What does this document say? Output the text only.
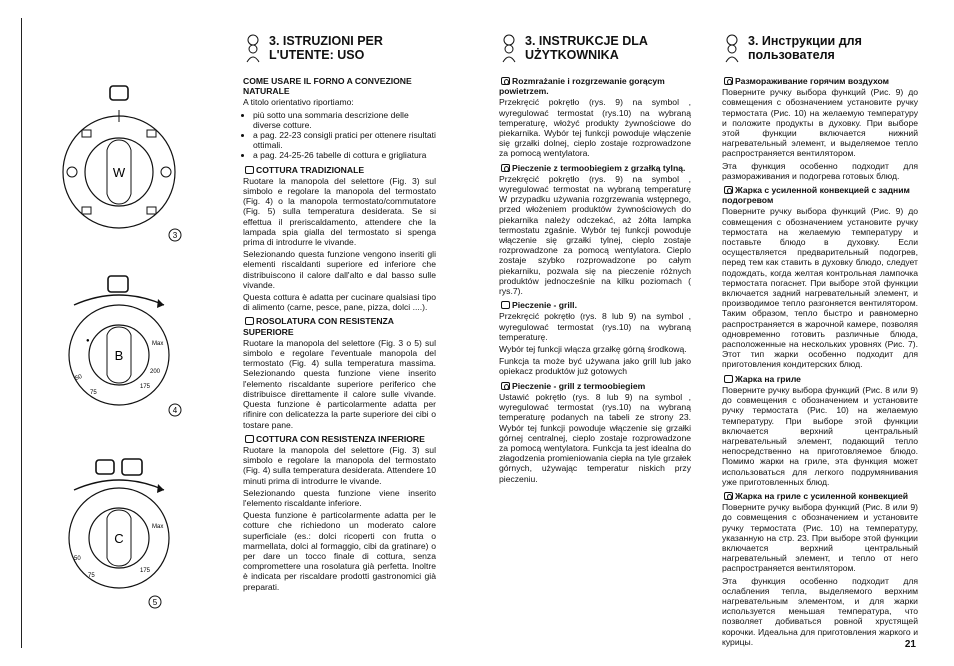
W
3
B
●
50
75
175
200
Max
4
C
50
75
175
Max
5
3. ISTRUZIONI PER
L'UTENTE: USO
COME USARE IL FORNO A CONVEZIONE NATURALE

A titolo orientativo riportiamo:

• più sotto una sommaria descrizione delle diverse cotture.
• a pag. 22-23 consigli pratici per ottenere risultati ottimali.
• a pag. 24-25-26 tabelle di cottura e grigliatura
COTTURA TRADIZIONALE

Ruotare la manopola del selettore (Fig. 3) sul simbolo e regolare la manopola del termostato (Fig. 4) o la manopola termostato/commutatore (Fig. 5) sulla temperatura desiderata. Se si effettua il preriscaldamento, attendere che la lampada spia gialla del termostato si spenga prima di introdurre le vivande.

Selezionando questa funzione vengono inseriti gli elementi riscaldanti superiore ed inferiore che distribuiscono il calore dall'alto e dal basso sulle vivande.

Questa cottura è adatta per cucinare qualsiasi tipo di alimento (carne, pesce, pane, pizza, dolci ....).

ROSOLATURA CON RESISTENZA SUPERIORE

Ruotare la manopola del selettore (Fig. 3 o 5) sul simbolo e regolare l'eventuale manopola del termostato (Fig. 4) sulla temperatura massima. Selezionando questa funzione viene inserito l'elemento riscaldante superiore periferico che distribuisce direttamente il calore sulle vivande. Questa funzione è particolarmente adatta per rifinire con delicatezza la parte superiore dei cibi o tostare pane.

COTTURA CON RESISTENZA INFERIORE

Ruotare la manopola del selettore (Fig. 3) sul simbolo e regolare la manopola del termostato (Fig. 4) sulla temperatura desiderata. Attendere 10 minuti prima di introdurre le vivande.

Selezionando questa funzione viene inserito l'elemento riscaldante inferiore.

Questa funzione è particolarmente adatta per le cotture che richiedono un moderato calore superficiale (es.: dolci ricoperti con frutta o marmellata, dolci al formaggio, cibi da gratinare) o per dare un tocco finale di cottura, senza compromettere una rosolatura già perfetta. Inoltre è indicata per riscaldare prodotti gastronomici già preparati.

3. INSTRUKCJE DLA
UŻYTKOWNIKA
Rozmrażanie i rozgrzewanie gorącym powietrzem.

Przekręcić pokrętło (rys. 9) na symbol , wyregulować termostat (rys.10) na wybraną temperaturę, włożyć produkty żywnościowe do piekarnika. Wybór tej funkcji powoduje włączenie się grzałki dolnej, cieplo zostaje rozprowadzone za pomocą wentylatora.

Pieczenie z termoobiegiem z grzałką tylną.

Przekręcić pokrętło (rys. 9) na symbol , wyregulować termostat na wybraną temperaturę W przypadku używania rozgrzewania wstępnego, przed włożeniem produktów żywnościowych do piekarnika należy odczekać, aż żółta lampka termostatu zgaśnie. Wybór tej funkcji powoduje włączenie się grzałki tylnej, cieplo zostaje rozprowadzone za pomocą wentylatora. Cieplo zostaje szybko rozprowadzone po całym piekarniku, pozwala się na pieczenie różnych produktów jednocześnie na kilku poziomach ( rys.7).

Pieczenie - grill.

Przekręcić pokrętło (rys. 8 lub 9) na symbol , wyregulować termostat (rys.10) na wybraną temperaturę.

Wybór tej funkcji włącza grzałkę górną środkową.

Funkcja ta może być używana jako grill lub jako opiekacz produktów już gotowych

Pieczenie - grill z termoobiegiem

Ustawić pokrętło (rys. 8 lub 9) na symbol , wyregulować termostat (rys.10) na wybraną temperaturę podanych na tabeli ze strony 23. Wybór tej funkcji powoduje włączenie się grzałki górnej centralnej, cieplo zostaje rozprowadzone za pomocą wentylatora. Funkcja ta jest idealna do złagodzenia promieniowania ciepła na tyle grzałek górnych, używając temperatur niskich przy pieczeniu.

3. Инструкции для
пользователя
Размораживание горячим воздухом

Поверните ручку выбора функций (Рис. 9) до совмещения с обозначением установите ручку термостата (Рис. 10) на желаемую температуру и положите продукты в духовку. При выборе этой функции включается нижний нагревательный элемент, и выделяемое тепло распространяется вентилятором.

Эта функция особенно подходит для размораживания и подогрева готовых блюд.

Жарка с усиленной конвекцией с задним подогревом

Поверните ручку выбора функций (Рис. 9) до совмещения с обозначением установите ручку термостата на желаемую температуру и поставьте блюдо в духовку. Если осуществляется предварительный подогрев, перед тем как ставить в духовку блюдо, следует подождать, когда желтая контрольная лампочка термостата погаснет. При выборе этой функции включается задний нагревательный элемент, и производимое тепло разгоняется вентилятором. Таким образом, тепло быстро и равномерно распространяется в жарочной камере, позволяя одновременно готовить различные блюда, расположенные на нескольких уровнях (Рис. 7). Этот тип жарки особенно подходит для приготовления кондитерских блюд.

Жарка на гриле

Поверните ручку выбора функций (Рис. 8 или 9) до совмещения с обозначением и установите ручку термостата (Рис. 10) на желаемую температуру. При выборе этой функции включается верхний центральный нагревательный элемент, подающий тепло непосредственно на приготовляемое блюдо. Помимо жарки на гриле, эта функция может использоваться для легкого подрумянивания уже приготовленных блюд.

Жарка на гриле с усиленной конвекцией

Поверните ручку выбора функций (Рис. 8 или 9) до совмещения с обозначением и установите ручку термостата (Рис. 10) на температуру, указанную на стр. 23. При выборе этой функции включается верхний центральный нагревательный элемент, и тепло от него распространяется вентилятором.

Эта функция особенно подходит для ослабления тепла, выделяемого верхним нагревательным элементом, и для жарки используется меньшая температура, что позволяет добиваться ровной хрустящей корочки. Идеальна для приготовления жаркого и курицы.	21
